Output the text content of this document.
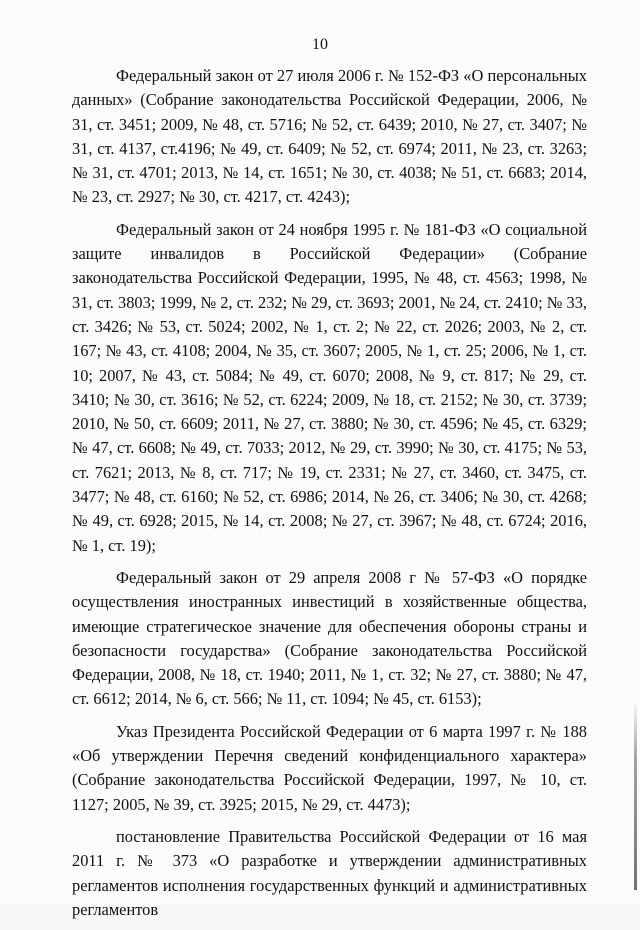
10

Федеральный закон от 27 июля 2006 г. № 152-ФЗ «О персональных данных» (Собрание законодательства Российской Федерации, 2006, № 31, ст. 3451; 2009, № 48, ст. 5716; № 52, ст. 6439; 2010, № 27, ст. 3407; № 31, ст. 4137, ст.4196; № 49, ст. 6409; № 52, ст. 6974; 2011, № 23, ст. 3263; № 31, ст. 4701; 2013, № 14, ст. 1651; № 30, ст. 4038; № 51, ст. 6683; 2014, № 23, ст. 2927; № 30, ст. 4217, ст. 4243);

Федеральный закон от 24 ноября 1995 г. № 181-ФЗ «О социальной защите инвалидов в Российской Федерации» (Собрание законодательства Российской Федерации, 1995, № 48, ст. 4563; 1998, № 31, ст. 3803; 1999, № 2, ст. 232; № 29, ст. 3693; 2001, № 24, ст. 2410; № 33, ст. 3426; № 53, ст. 5024; 2002, № 1, ст. 2; № 22, ст. 2026; 2003, № 2, ст. 167; № 43, ст. 4108; 2004, № 35, ст. 3607; 2005, № 1, ст. 25; 2006, № 1, ст. 10; 2007, № 43, ст. 5084; № 49, ст. 6070; 2008, № 9, ст. 817; № 29, ст. 3410; № 30, ст. 3616; № 52, ст. 6224; 2009, № 18, ст. 2152; № 30, ст. 3739; 2010, № 50, ст. 6609; 2011, № 27, ст. 3880; № 30, ст. 4596; № 45, ст. 6329; № 47, ст. 6608; № 49, ст. 7033; 2012, № 29, ст. 3990; № 30, ст. 4175; № 53, ст. 7621; 2013, № 8, ст. 717; № 19, ст. 2331; № 27, ст. 3460, ст. 3475, ст. 3477; № 48, ст. 6160; № 52, ст. 6986; 2014, № 26, ст. 3406; № 30, ст. 4268; № 49, ст. 6928; 2015, № 14, ст. 2008; № 27, ст. 3967; № 48, ст. 6724; 2016, № 1, ст. 19);

Федеральный закон от 29 апреля 2008 г № 57-ФЗ «О порядке осуществления иностранных инвестиций в хозяйственные общества, имеющие стратегическое значение для обеспечения обороны страны и безопасности государства» (Собрание законодательства Российской Федерации, 2008, № 18, ст. 1940; 2011, № 1, ст. 32; № 27, ст. 3880; № 47, ст. 6612; 2014, № 6, ст. 566; № 11, ст. 1094; № 45, ст. 6153);

Указ Президента Российской Федерации от 6 марта 1997 г. № 188 «Об утверждении Перечня сведений конфиденциального характера» (Собрание законодательства Российской Федерации, 1997, № 10, ст. 1127; 2005, № 39, ст. 3925; 2015, № 29, ст. 4473);

постановление Правительства Российской Федерации от 16 мая 2011 г. № 373 «О разработке и утверждении административных регламентов исполнения государственных функций и административных регламентов
